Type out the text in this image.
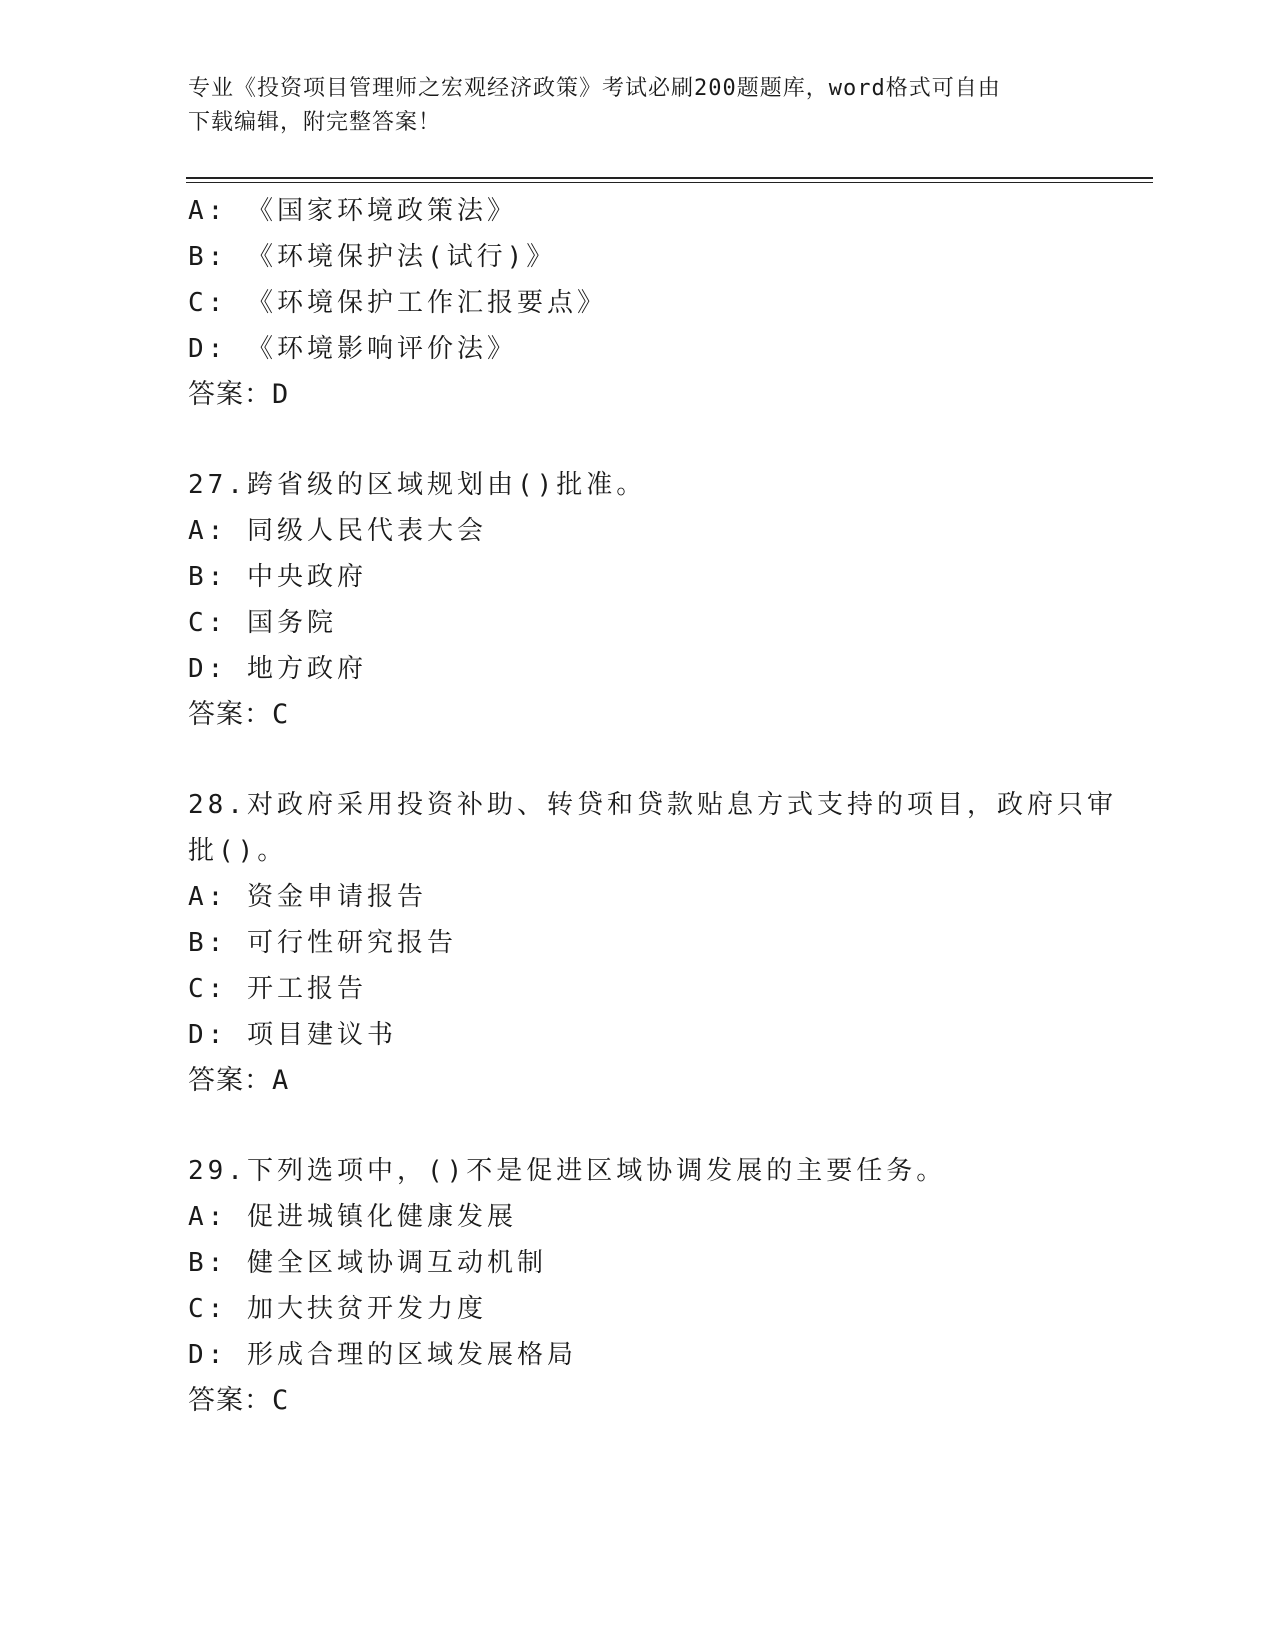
专业《投资项目管理师之宏观经济政策》考试必刷200题题库，word格式可自由
下载编辑，附完整答案！
A: 《国家环境政策法》
B: 《环境保护法(试行)》
C: 《环境保护工作汇报要点》
D: 《环境影响评价法》
答案：D
27.跨省级的区域规划由()批准。
A: 同级人民代表大会
B: 中央政府
C: 国务院
D: 地方政府
答案：C
28.对政府采用投资补助、转贷和贷款贴息方式支持的项目，政府只审
批()。
A: 资金申请报告
B: 可行性研究报告
C: 开工报告
D: 项目建议书
答案：A
29.下列选项中，()不是促进区域协调发展的主要任务。
A: 促进城镇化健康发展
B: 健全区域协调互动机制
C: 加大扶贫开发力度
D: 形成合理的区域发展格局
答案：C
